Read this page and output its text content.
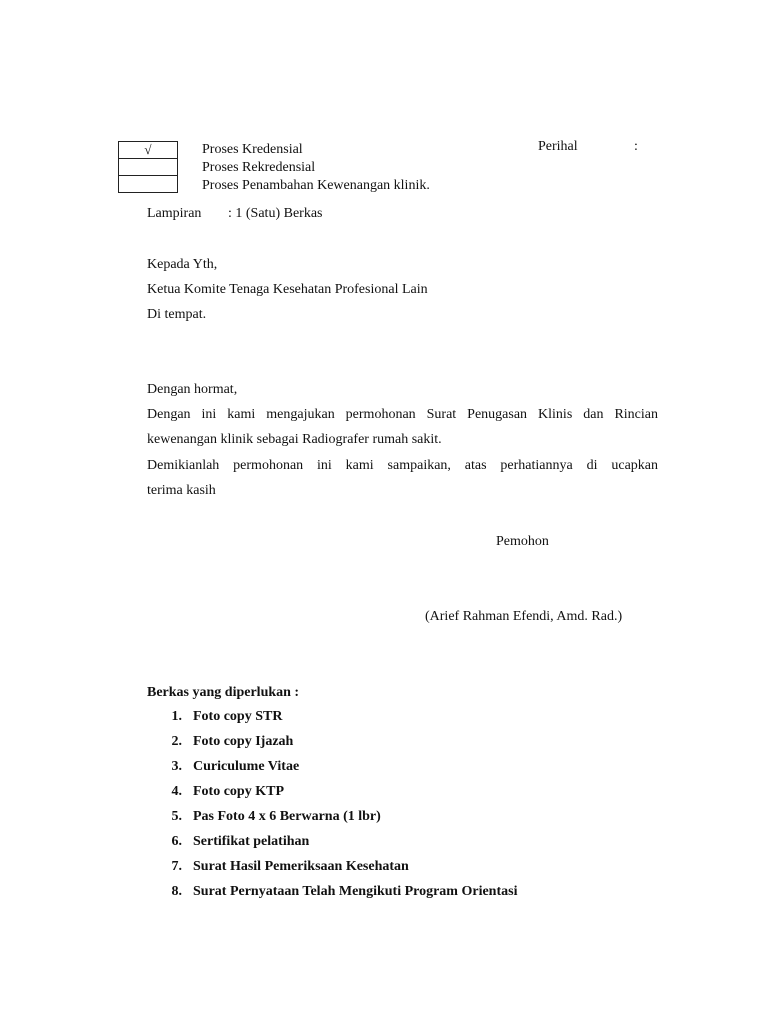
√	Proses Kredensial
Proses Rekredensial
Proses Penambahan Kewenangan klinik.
Perihal	:
Lampiran : 1 (Satu) Berkas
Kepada Yth,
Ketua Komite Tenaga Kesehatan Profesional Lain
Di tempat.
Dengan hormat,
Dengan ini kami mengajukan permohonan Surat Penugasan Klinis dan Rincian
kewenangan klinik sebagai Radiografer rumah sakit.
Demikianlah permohonan ini kami sampaikan, atas perhatiannya di ucapkan
terima kasih
Pemohon
(Arief Rahman Efendi, Amd. Rad.)
Berkas yang diperlukan :
1. Foto copy STR
2. Foto copy Ijazah
3. Curiculume Vitae
4. Foto copy KTP
5. Pas Foto 4 x 6 Berwarna (1 lbr)
6. Sertifikat pelatihan
7. Surat Hasil Pemeriksaan Kesehatan
8. Surat Pernyataan Telah Mengikuti Program Orientasi
